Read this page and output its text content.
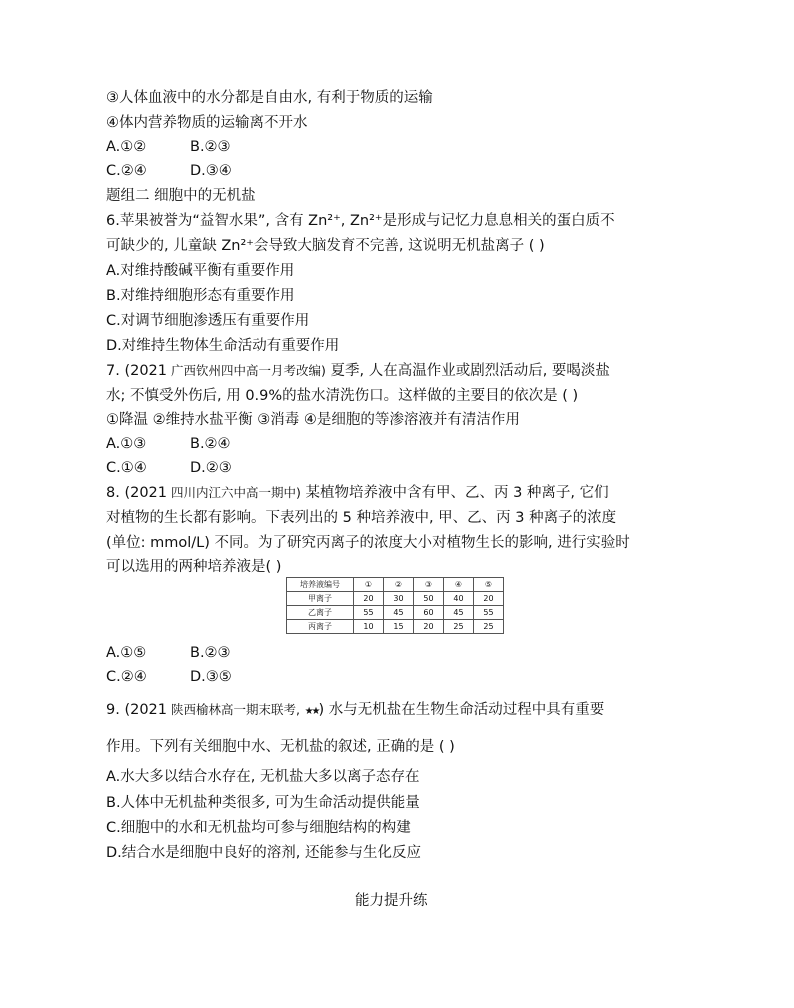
③人体血液中的水分都是自由水, 有利于物质的运输
④体内营养物质的运输离不开水
A.①②	B.②③
C.②④	D.③④
题组二 细胞中的无机盐
6.苹果被誉为“益智水果”, 含有 Zn²⁺, Zn²⁺是形成与记忆力息息相关的蛋白质不
可缺少的, 儿童缺 Zn²⁺会导致大脑发育不完善, 这说明无机盐离子 ( )
A.对维持酸碱平衡有重要作用
B.对维持细胞形态有重要作用
C.对调节细胞渗透压有重要作用
D.对维持生物体生命活动有重要作用
7. (2021 广西钦州四中高一月考改编) 夏季, 人在高温作业或剧烈活动后, 要喝淡盐
水; 不慎受外伤后, 用 0.9%的盐水清洗伤口。这样做的主要目的依次是 ( )
①降温 ②维持水盐平衡 ③消毒 ④是细胞的等渗溶液并有清洁作用
A.①③	B.②④
C.①④	D.②③
8. (2021 四川内江六中高一期中) 某植物培养液中含有甲、乙、丙 3 种离子, 它们
对植物的生长都有影响。下表列出的 5 种培养液中, 甲、乙、丙 3 种离子的浓度
(单位: mmol/L) 不同。为了研究丙离子的浓度大小对植物生长的影响, 进行实验时
可以选用的两种培养液是( )
培养液编号	①	②	③	④	⑤
甲离子	20	30	50	40	20
乙离子	55	45	60	45	55
丙离子	10	15	20	25	25
A.①⑤	B.②③
C.②④	D.③⑤
9. (2021 陕西榆林高一期末联考, ★★) 水与无机盐在生物生命活动过程中具有重要
作用。下列有关细胞中水、无机盐的叙述, 正确的是 ( )
A.水大多以结合水存在, 无机盐大多以离子态存在
B.人体中无机盐种类很多, 可为生命活动提供能量
C.细胞中的水和无机盐均可参与细胞结构的构建
D.结合水是细胞中良好的溶剂, 还能参与生化反应
能力提升练
